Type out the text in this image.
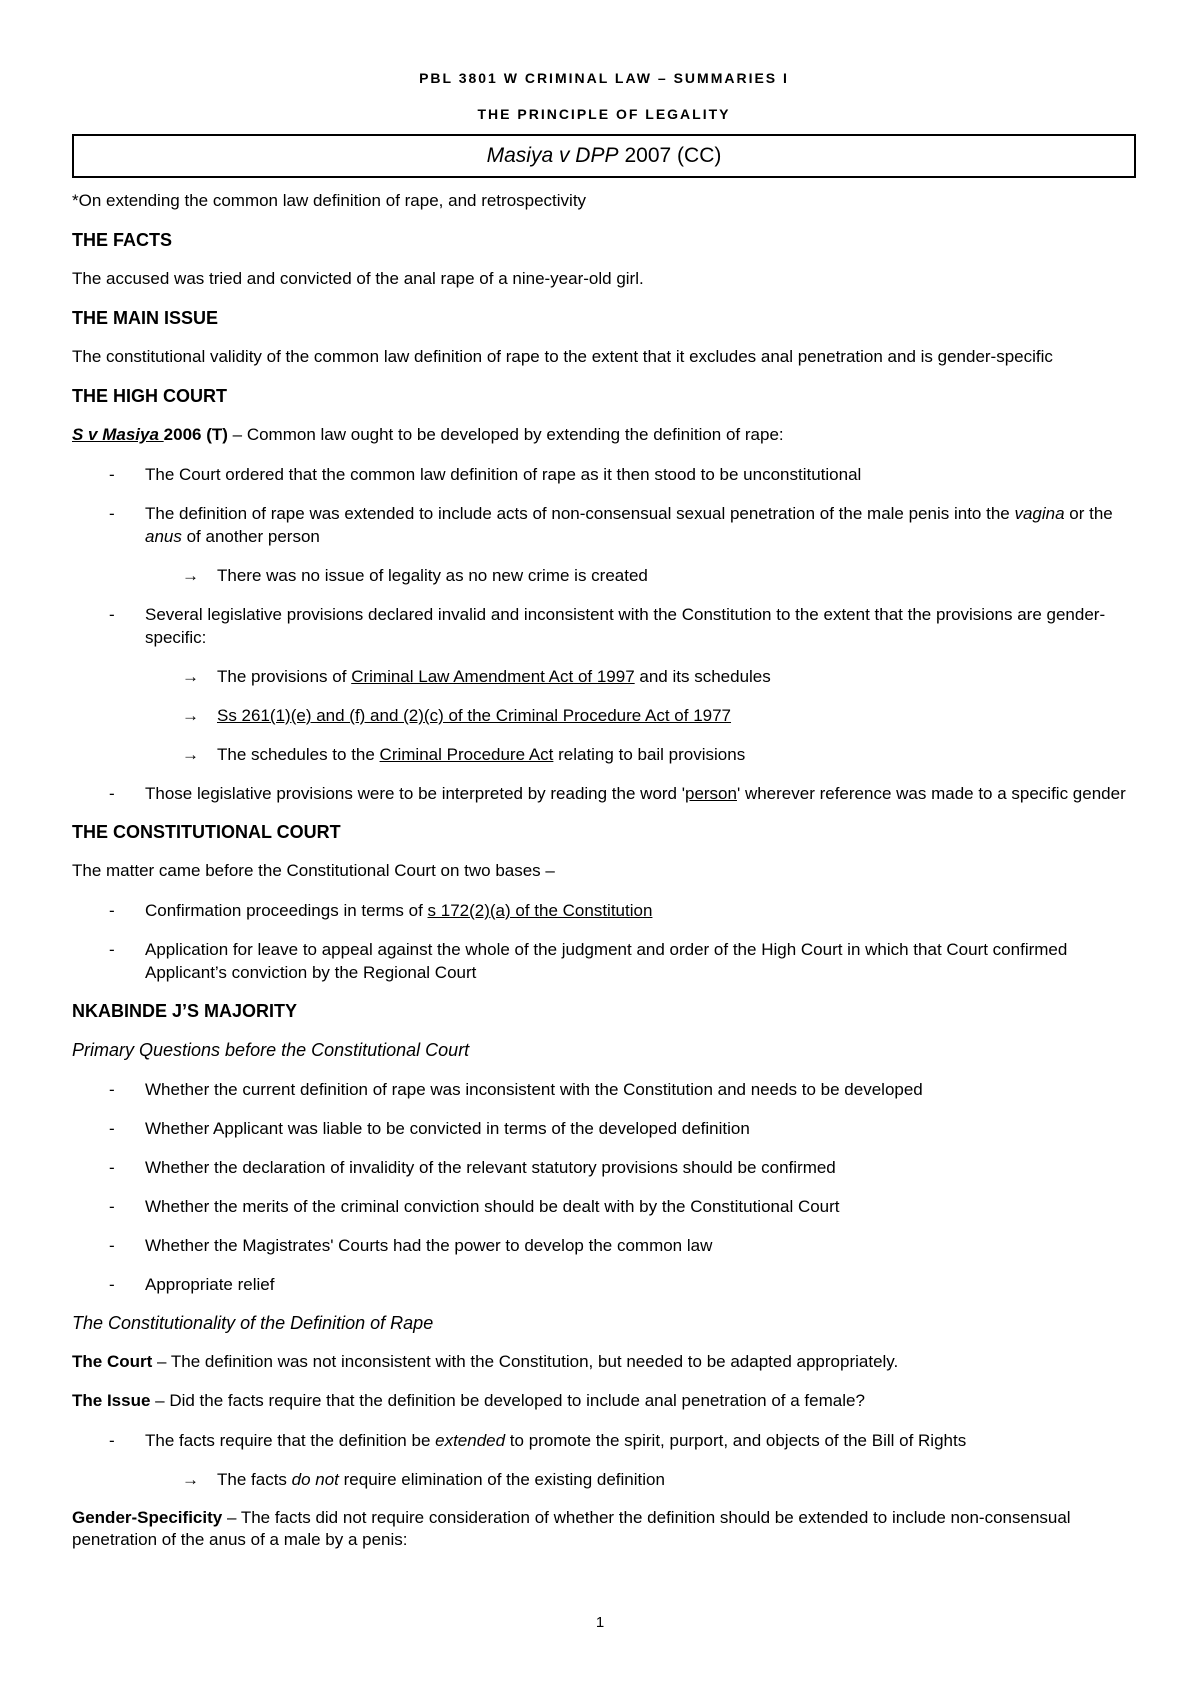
PBL 3801 W CRIMINAL LAW – SUMMARIES I
THE PRINCIPLE OF LEGALITY
Masiya v DPP 2007 (CC)

*On extending the common law definition of rape, and retrospectivity

THE FACTS

The accused was tried and convicted of the anal rape of a nine-year-old girl.

THE MAIN ISSUE

The constitutional validity of the common law definition of rape to the extent that it excludes anal penetration and is gender-specific

THE HIGH COURT

S v Masiya 2006 (T) – Common law ought to be developed by extending the definition of rape:

- The Court ordered that the common law definition of rape as it then stood to be unconstitutional
- The definition of rape was extended to include acts of non-consensual sexual penetration of the male penis into the vagina or the anus of another person
→ There was no issue of legality as no new crime is created
- Several legislative provisions declared invalid and inconsistent with the Constitution to the extent that the provisions are gender-specific:
→ The provisions of Criminal Law Amendment Act of 1997 and its schedules
→ Ss 261(1)(e) and (f) and (2)(c) of the Criminal Procedure Act of 1977
→ The schedules to the Criminal Procedure Act relating to bail provisions
- Those legislative provisions were to be interpreted by reading the word 'person' wherever reference was made to a specific gender
THE CONSTITUTIONAL COURT

The matter came before the Constitutional Court on two bases –

- Confirmation proceedings in terms of s 172(2)(a) of the Constitution
- Application for leave to appeal against the whole of the judgment and order of the High Court in which that Court confirmed Applicant’s conviction by the Regional Court
NKABINDE J’S MAJORITY
Primary Questions before the Constitutional Court
- Whether the current definition of rape was inconsistent with the Constitution and needs to be developed
- Whether Applicant was liable to be convicted in terms of the developed definition
- Whether the declaration of invalidity of the relevant statutory provisions should be confirmed
- Whether the merits of the criminal conviction should be dealt with by the Constitutional Court
- Whether the Magistrates' Courts had the power to develop the common law
- Appropriate relief
The Constitutionality of the Definition of Rape

The Court – The definition was not inconsistent with the Constitution, but needed to be adapted appropriately.

The Issue – Did the facts require that the definition be developed to include anal penetration of a female?

- The facts require that the definition be extended to promote the spirit, purport, and objects of the Bill of Rights
→ The facts do not require elimination of the existing definition

Gender-Specificity – The facts did not require consideration of whether the definition should be extended to include non-consensual penetration of the anus of a male by a penis:

1
